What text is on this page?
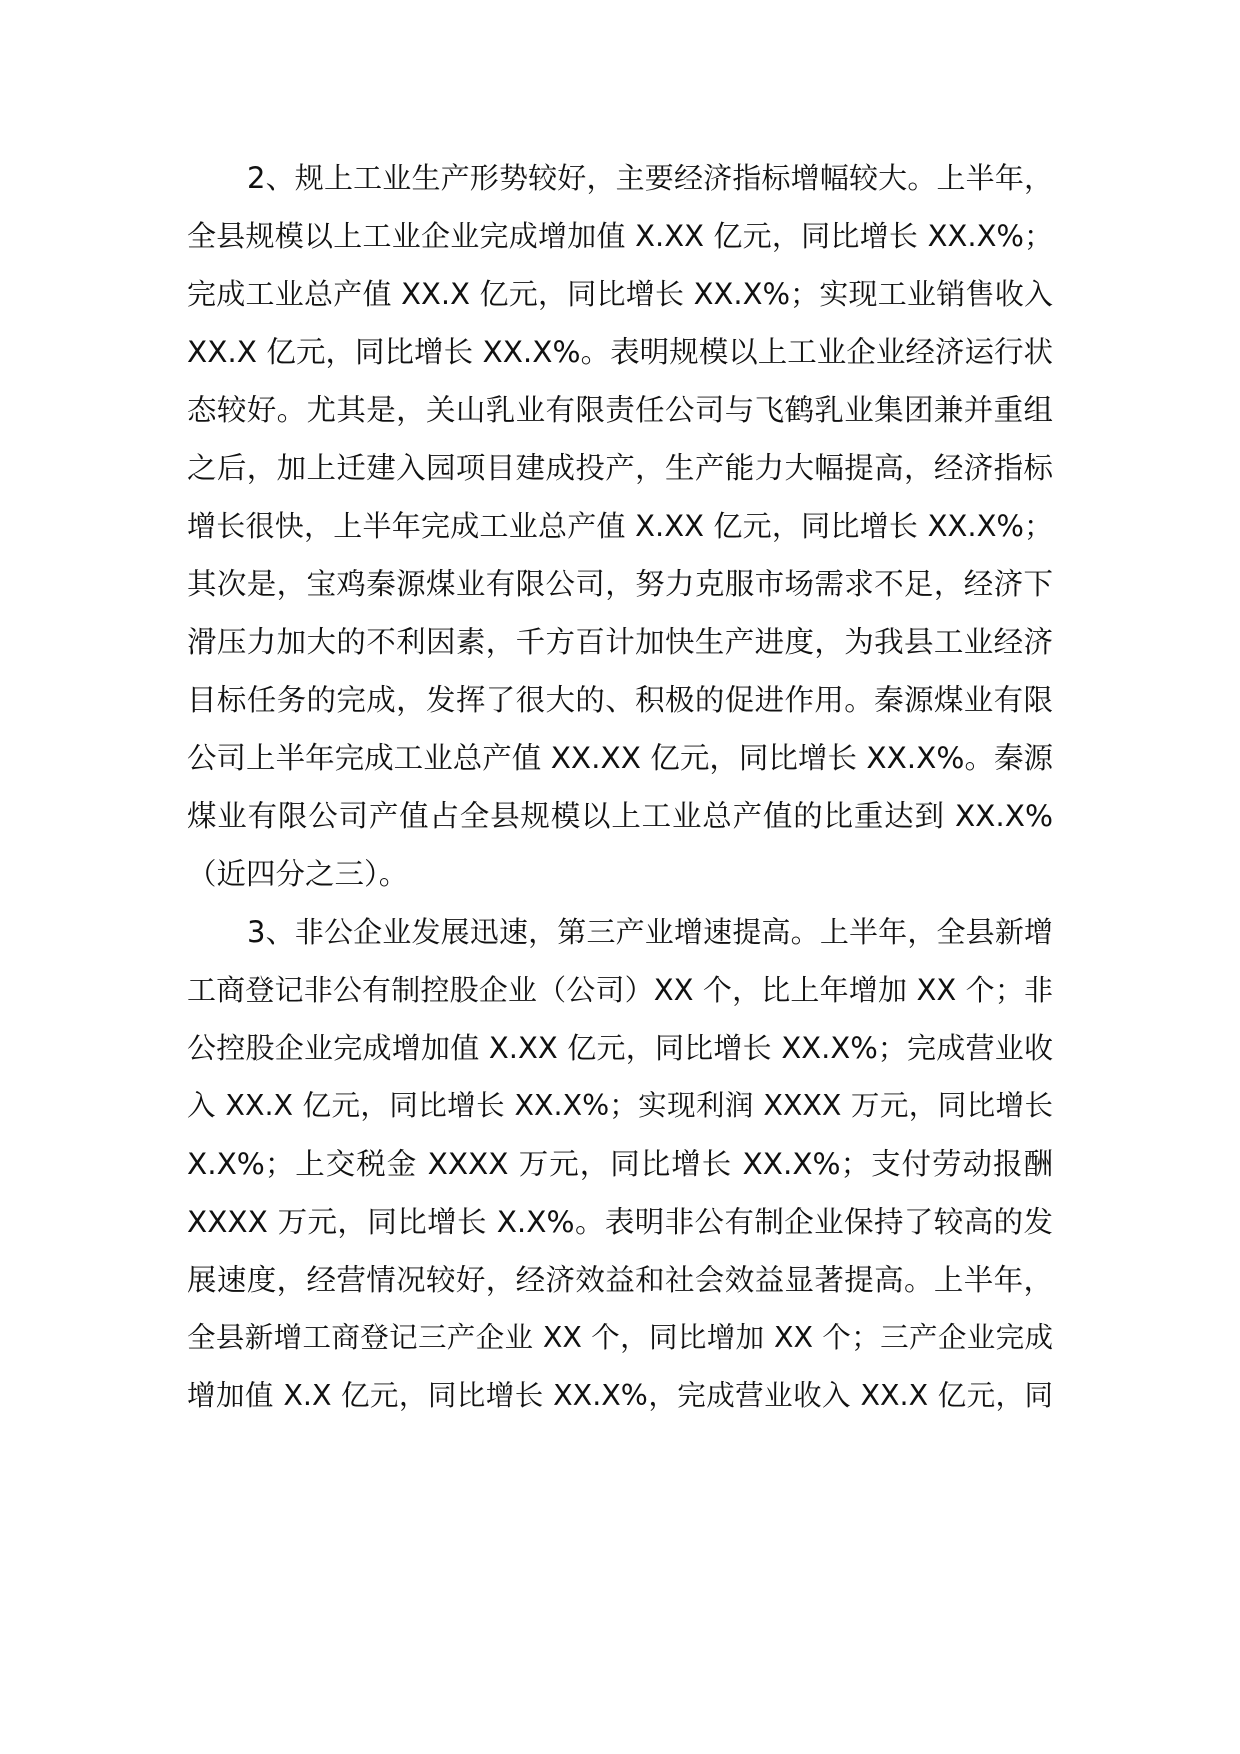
2、规上工业生产形势较好，主要经济指标增幅较大。上半年，
全县规模以上工业企业完成增加值 X.XX 亿元，同比增长 XX.X%；
完成工业总产值 XX.X 亿元，同比增长 XX.X%；实现工业销售收入
XX.X 亿元，同比增长 XX.X%。表明规模以上工业企业经济运行状
态较好。尤其是，关山乳业有限责任公司与飞鹤乳业集团兼并重组
之后，加上迁建入园项目建成投产，生产能力大幅提高，经济指标
增长很快，上半年完成工业总产值 X.XX 亿元，同比增长 XX.X%；
其次是，宝鸡秦源煤业有限公司，努力克服市场需求不足，经济下
滑压力加大的不利因素，千方百计加快生产进度，为我县工业经济
目标任务的完成，发挥了很大的、积极的促进作用。秦源煤业有限
公司上半年完成工业总产值 XX.XX 亿元，同比增长 XX.X%。秦源
煤业有限公司产值占全县规模以上工业总产值的比重达到 XX.X%
（近四分之三）。
3、非公企业发展迅速，第三产业增速提高。上半年，全县新增
工商登记非公有制控股企业（公司）XX 个，比上年增加 XX 个；非
公控股企业完成增加值 X.XX 亿元，同比增长 XX.X%；完成营业收
入 XX.X 亿元，同比增长 XX.X%；实现利润 XXXX 万元，同比增长
X.X%；上交税金 XXXX 万元，同比增长 XX.X%；支付劳动报酬
XXXX 万元，同比增长 X.X%。表明非公有制企业保持了较高的发
展速度，经营情况较好，经济效益和社会效益显著提高。上半年，
全县新增工商登记三产企业 XX 个，同比增加 XX 个；三产企业完成
增加值 X.X 亿元，同比增长 XX.X%，完成营业收入 XX.X 亿元，同
